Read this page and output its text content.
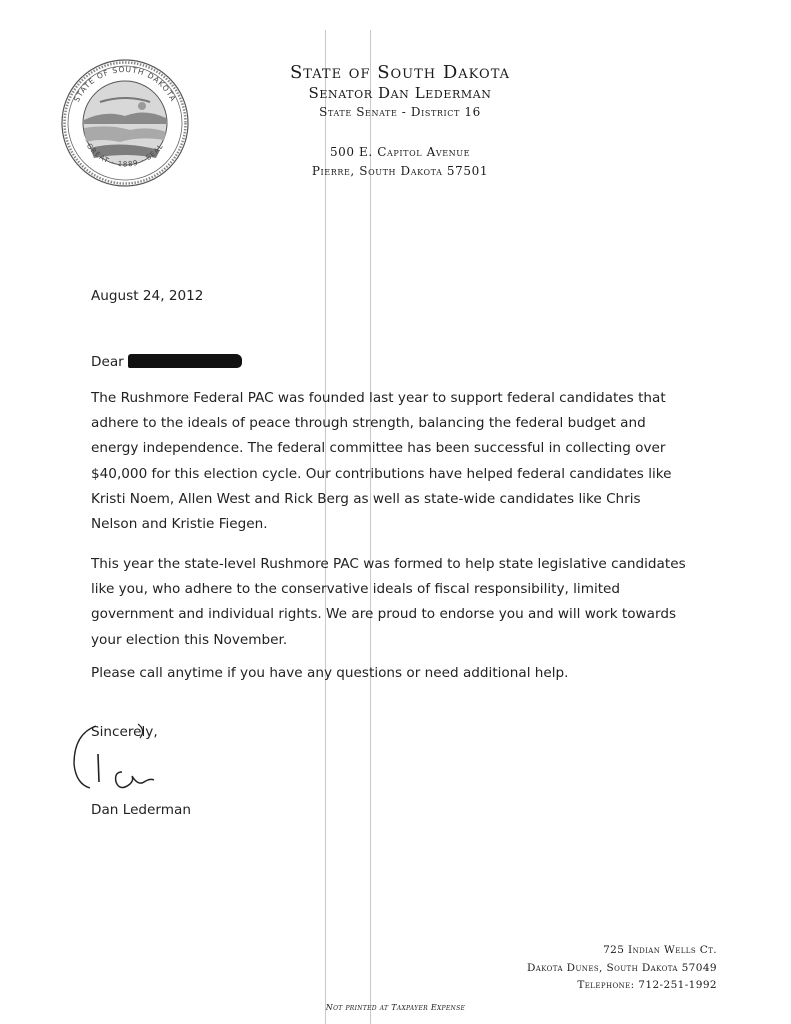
STATE OF SOUTH DAKOTA
GREAT · 1889 · SEAL
State of South Dakota
Senator Dan Lederman
State Senate - District 16
500 E. Capitol Avenue
Pierre, South Dakota 57501
August 24, 2012
Dear
The Rushmore Federal PAC was founded last year to support federal candidates that
adhere to the ideals of peace through strength, balancing the federal budget and
energy independence. The federal committee has been successful in collecting over
$40,000 for this election cycle. Our contributions have helped federal candidates like
Kristi Noem, Allen West and Rick Berg as well as state-wide candidates like Chris
Nelson and Kristie Fiegen.
This year the state-level Rushmore PAC was formed to help state legislative candidates
like you, who adhere to the conservative ideals of fiscal responsibility, limited
government and individual rights. We are proud to endorse you and will work towards
your election this November.
Please call anytime if you have any questions or need additional help.
Sincerely,
Dan Lederman
725 Indian Wells Ct.
Dakota Dunes, South Dakota 57049
Telephone: 712-251-1992
Not printed at Taxpayer Expense
